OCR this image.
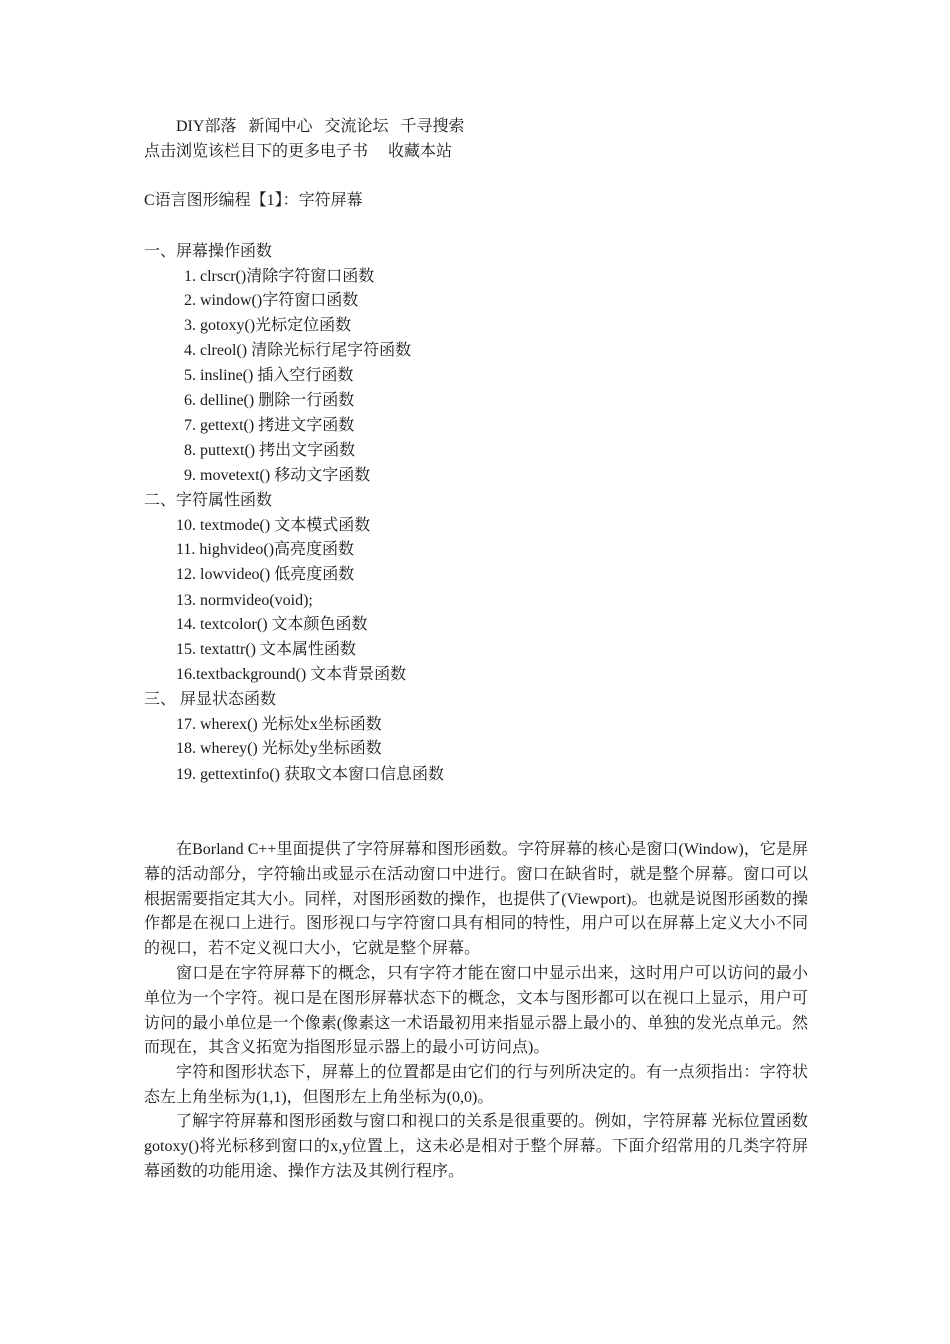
DIY部落 新闻中心 交流论坛 千寻搜索
点击浏览该栏目下的更多电子书 收藏本站
C语言图形编程【1】：字符屏幕
一、屏幕操作函数
1. clrscr()清除字符窗口函数
2. window()字符窗口函数
3. gotoxy()光标定位函数
4. clreol() 清除光标行尾字符函数
5. insline() 插入空行函数
6. delline() 删除一行函数
7. gettext() 拷进文字函数
8. puttext() 拷出文字函数
9. movetext() 移动文字函数
二、字符属性函数
10. textmode() 文本模式函数
11. highvideo()高亮度函数
12. lowvideo() 低亮度函数
13. normvideo(void);
14. textcolor() 文本颜色函数
15. textattr() 文本属性函数
16.textbackground() 文本背景函数
三、 屏显状态函数
17. wherex() 光标处x坐标函数
18. wherey() 光标处y坐标函数
19. gettextinfo() 获取文本窗口信息函数
在Borland C++里面提供了字符屏幕和图形函数。字符屏幕的核心是窗口(Window)，它是屏幕的活动部分，字符输出或显示在活动窗口中进行。窗口在缺省时，就是整个屏幕。窗口可以根据需要指定其大小。同样，对图形函数的操作，也提供了(Viewport)。也就是说图形函数的操作都是在视口上进行。图形视口与字符窗口具有相同的特性，用户可以在屏幕上定义大小不同的视口，若不定义视口大小，它就是整个屏幕。
窗口是在字符屏幕下的概念，只有字符才能在窗口中显示出来，这时用户可以访问的最小单位为一个字符。视口是在图形屏幕状态下的概念，文本与图形都可以在视口上显示，用户可访问的最小单位是一个像素(像素这一术语最初用来指显示器上最小的、单独的发光点单元。然而现在，其含义拓宽为指图形显示器上的最小可访问点)。
字符和图形状态下，屏幕上的位置都是由它们的行与列所决定的。有一点须指出：字符状态左上角坐标为(1,1)，但图形左上角坐标为(0,0)。
了解字符屏幕和图形函数与窗口和视口的关系是很重要的。例如，字符屏幕 光标位置函数gotoxy()将光标移到窗口的x,y位置上，这未必是相对于整个屏幕。下面介绍常用的几类字符屏幕函数的功能用途、操作方法及其例行程序。
